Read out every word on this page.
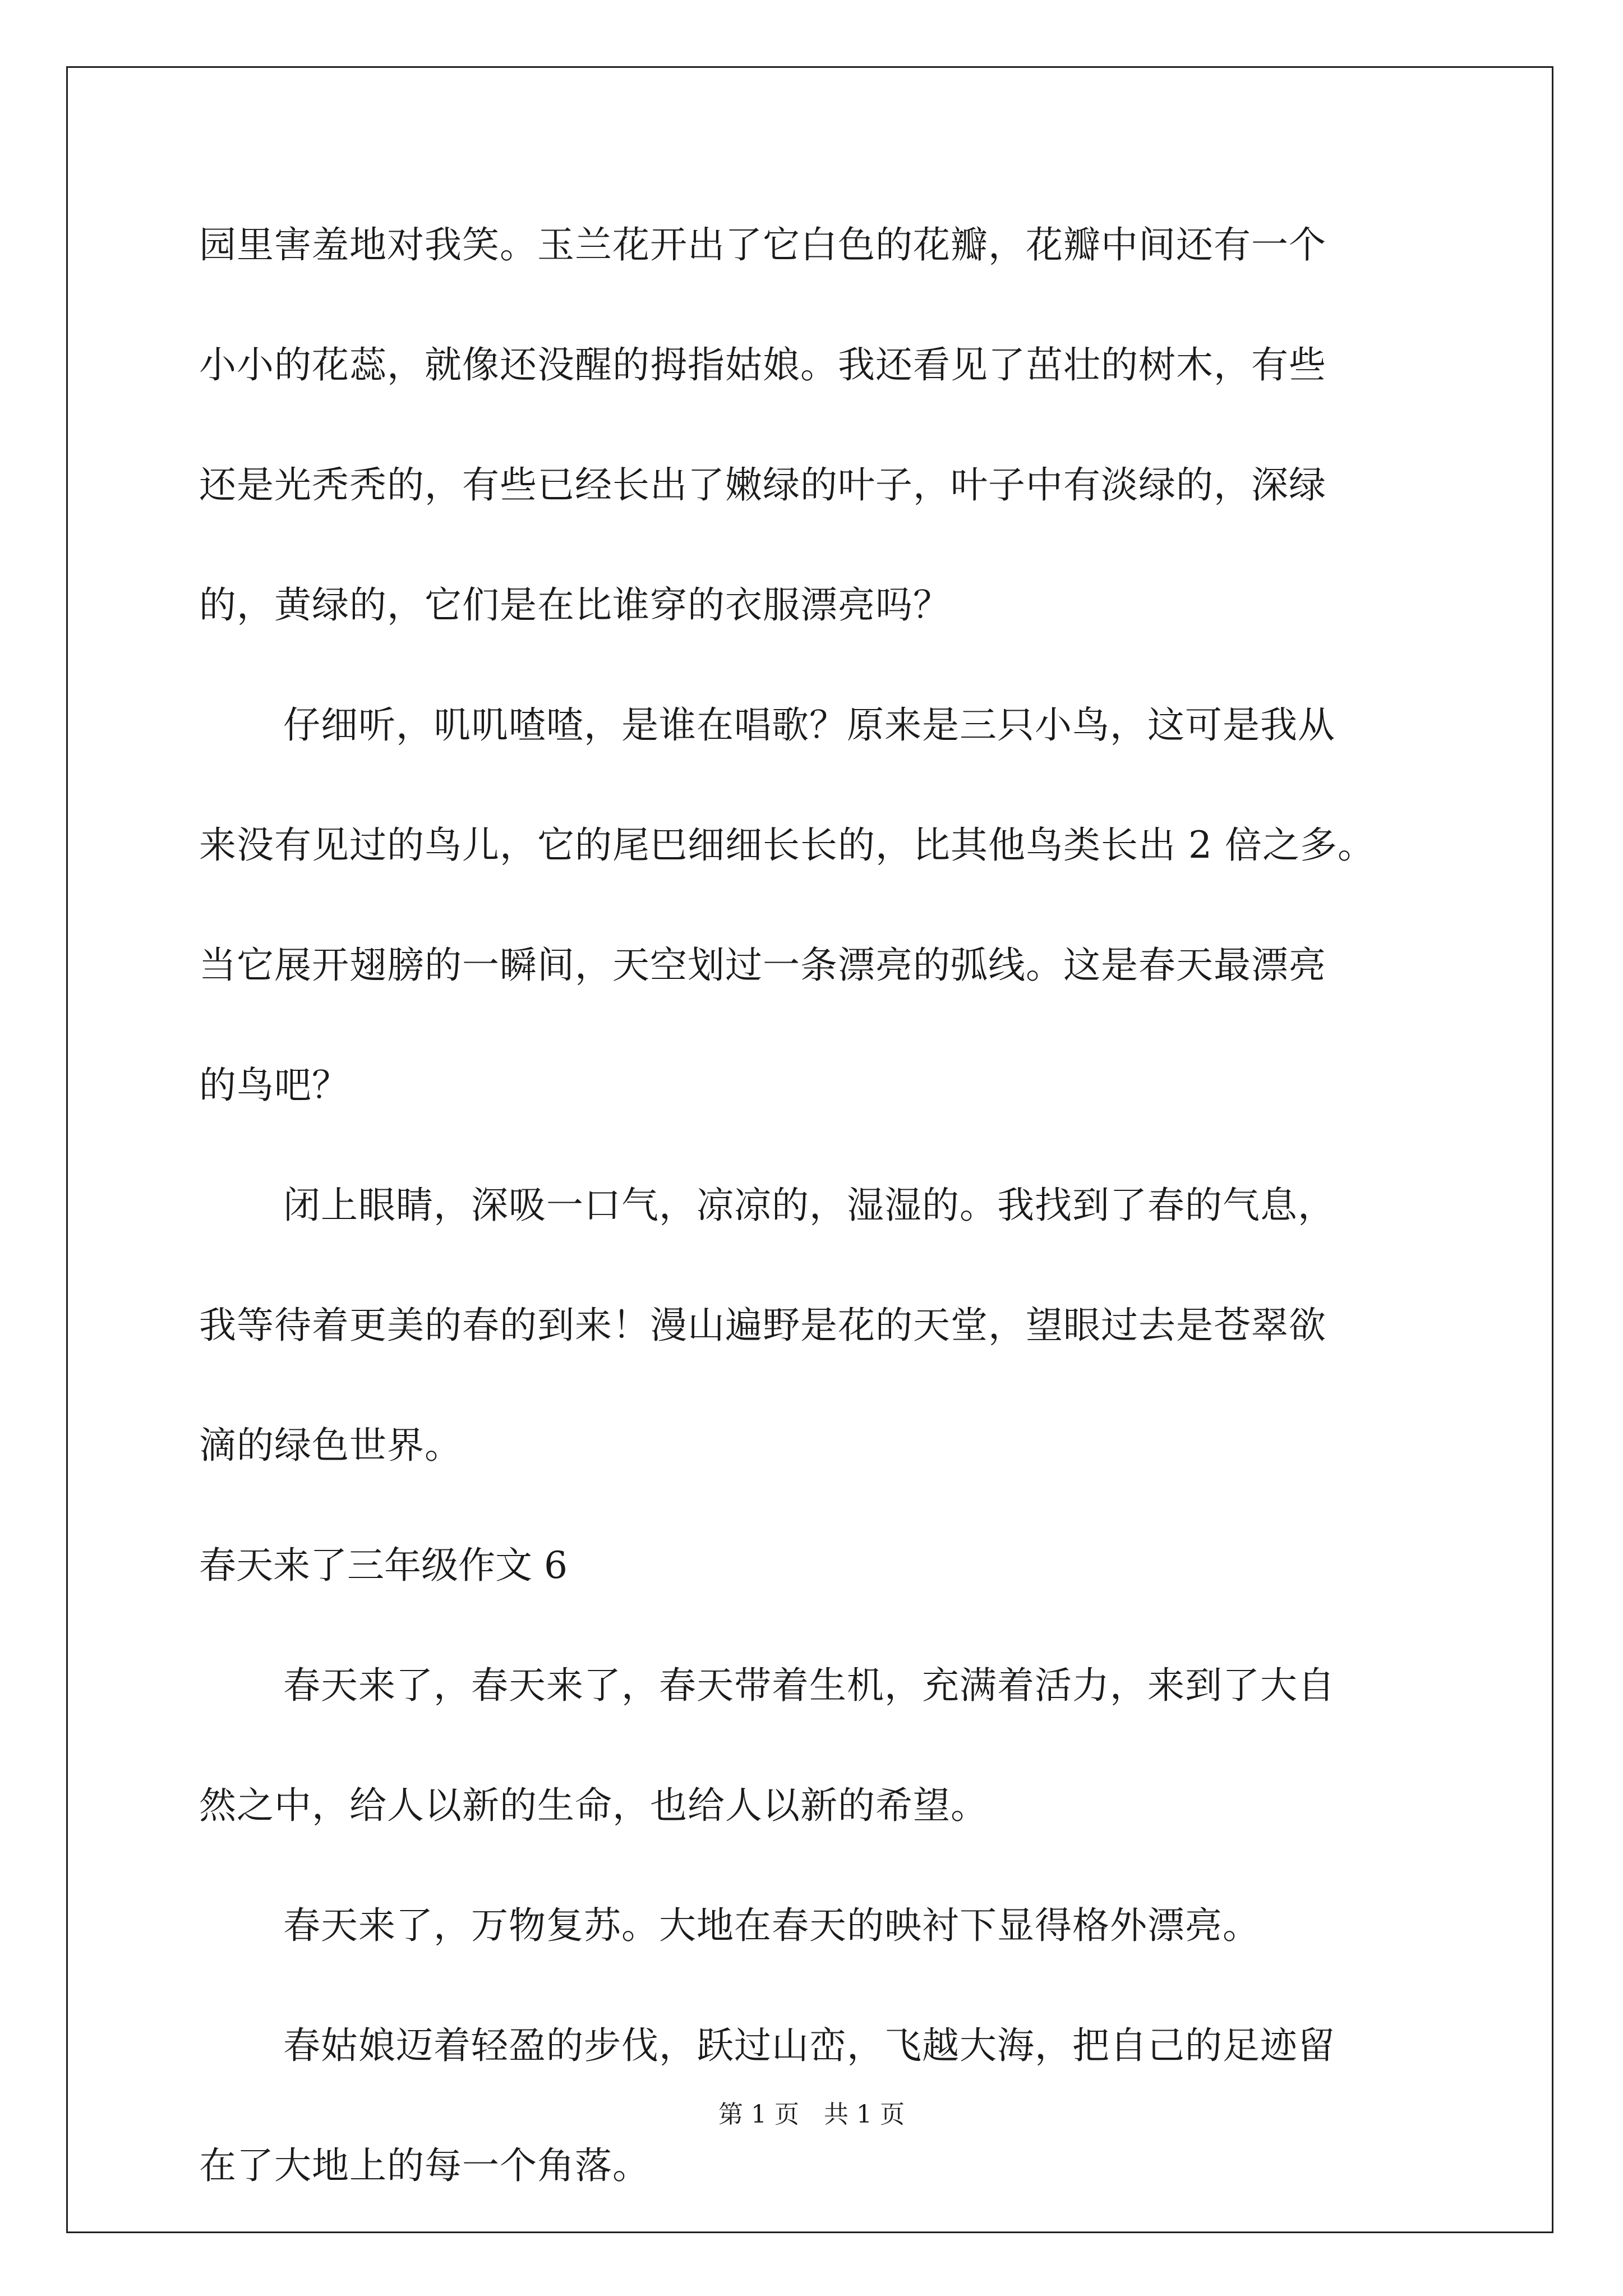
园里害羞地对我笑。玉兰花开出了它白色的花瓣，花瓣中间还有一个
小小的花蕊，就像还没醒的拇指姑娘。我还看见了茁壮的树木，有些
还是光秃秃的，有些已经长出了嫩绿的叶子，叶子中有淡绿的，深绿
的，黄绿的，它们是在比谁穿的衣服漂亮吗？
仔细听，叽叽喳喳，是谁在唱歌？原来是三只小鸟，这可是我从
来没有见过的鸟儿，它的尾巴细细长长的，比其他鸟类长出 2 倍之多。
当它展开翅膀的一瞬间，天空划过一条漂亮的弧线。这是春天最漂亮
的鸟吧？
闭上眼睛，深吸一口气，凉凉的，湿湿的。我找到了春的气息，
我等待着更美的春的到来！漫山遍野是花的天堂，望眼过去是苍翠欲
滴的绿色世界。
春天来了三年级作文 6
春天来了，春天来了，春天带着生机，充满着活力，来到了大自
然之中，给人以新的生命，也给人以新的希望。
春天来了，万物复苏。大地在春天的映衬下显得格外漂亮。
春姑娘迈着轻盈的步伐，跃过山峦，飞越大海，把自己的足迹留
在了大地上的每一个角落。
第 1 页　共 1 页
